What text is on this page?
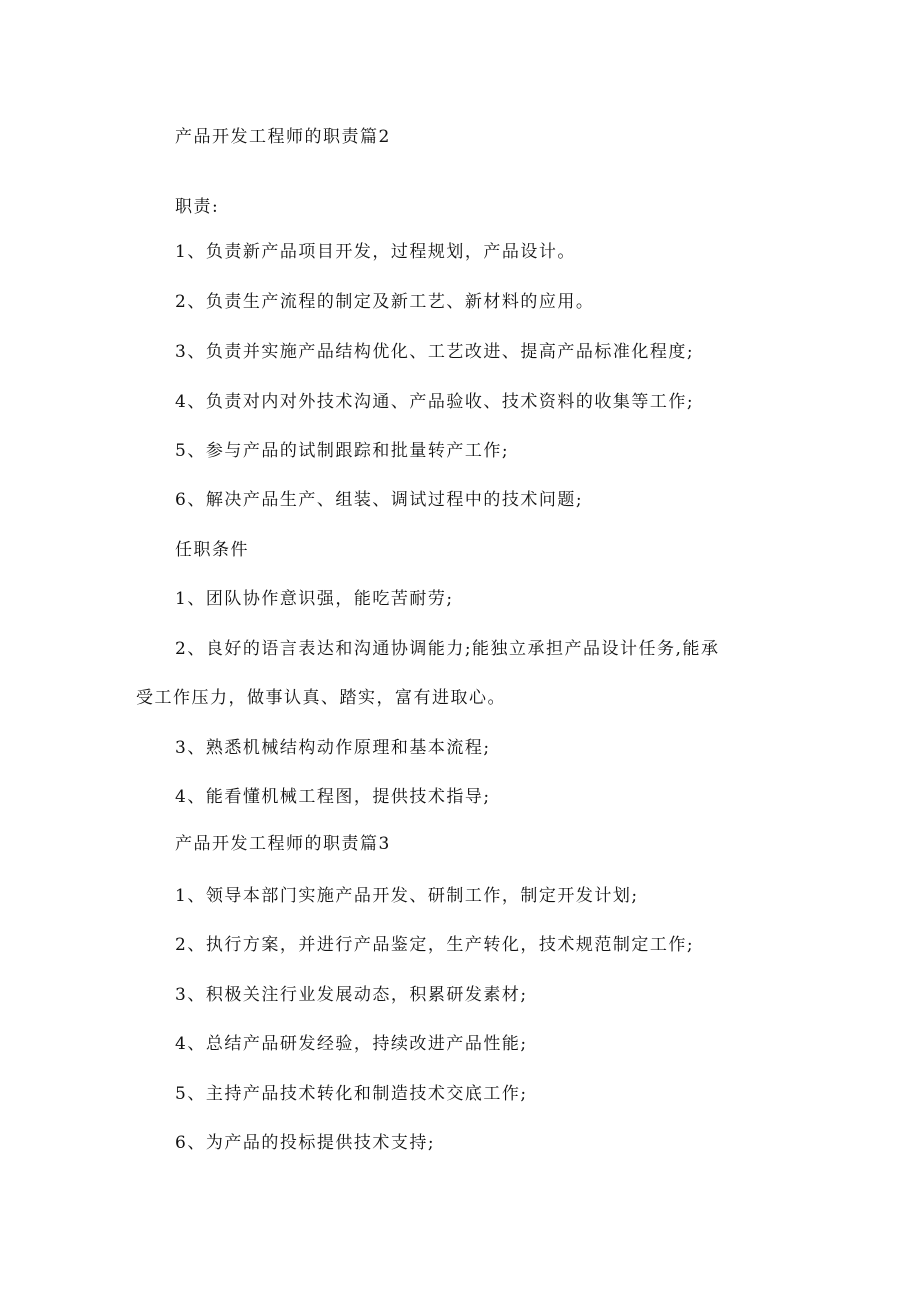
产品开发工程师的职责篇2
职责:
1、负责新产品项目开发，过程规划，产品设计。
2、负责生产流程的制定及新工艺、新材料的应用。
3、负责并实施产品结构优化、工艺改进、提高产品标准化程度;
4、负责对内对外技术沟通、产品验收、技术资料的收集等工作;
5、参与产品的试制跟踪和批量转产工作;
6、解决产品生产、组装、调试过程中的技术问题;
任职条件
1、团队协作意识强，能吃苦耐劳;
2、良好的语言表达和沟通协调能力;能独立承担产品设计任务,能承
受工作压力，做事认真、踏实，富有进取心。
3、熟悉机械结构动作原理和基本流程;
4、能看懂机械工程图，提供技术指导;
产品开发工程师的职责篇3
1、领导本部门实施产品开发、研制工作，制定开发计划;
2、执行方案，并进行产品鉴定，生产转化，技术规范制定工作;
3、积极关注行业发展动态，积累研发素材;
4、总结产品研发经验，持续改进产品性能;
5、主持产品技术转化和制造技术交底工作;
6、为产品的投标提供技术支持;
